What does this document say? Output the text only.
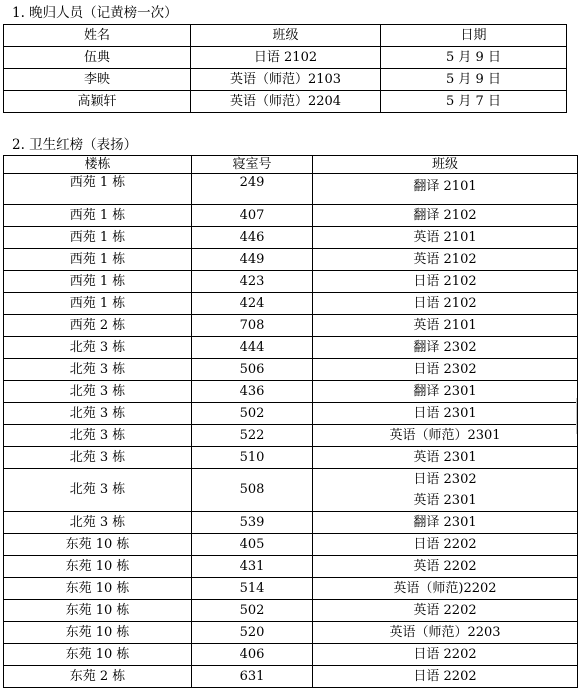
1. 晚归人员（记黄榜一次）
姓名	班级	日期
伍典	日语 2102	5 月 9 日
李映	英语（师范）2103	5 月 9 日
高颖轩	英语（师范）2204	5 月 7 日
2. 卫生红榜（表扬）
楼栋	寝室号	班级
西苑 1 栋	249	翻译 2101

西苑 1 栋	407	翻译 2102

西苑 1 栋	446	英语 2101

西苑 1 栋	449	英语 2102

西苑 1 栋	423	日语 2102

西苑 1 栋	424	日语 2102

西苑 2 栋	708	英语 2101

北苑 3 栋	444	翻译 2302

北苑 3 栋	506	日语 2302

北苑 3 栋	436	翻译 2301

北苑 3 栋	502	日语 2301

北苑 3 栋	522	英语（师范）2301

北苑 3 栋	510	英语 2301

北苑 3 栋	508	日语 2302
英语 2301

北苑 3 栋	539	翻译 2301

东苑 10 栋	405	日语 2202

东苑 10 栋	431	英语 2202

东苑 10 栋	514	英语（师范)2202

东苑 10 栋	502	英语 2202

东苑 10 栋	520	英语（师范）2203

东苑 10 栋	406	日语 2202

东苑 2 栋	631	日语 2202
